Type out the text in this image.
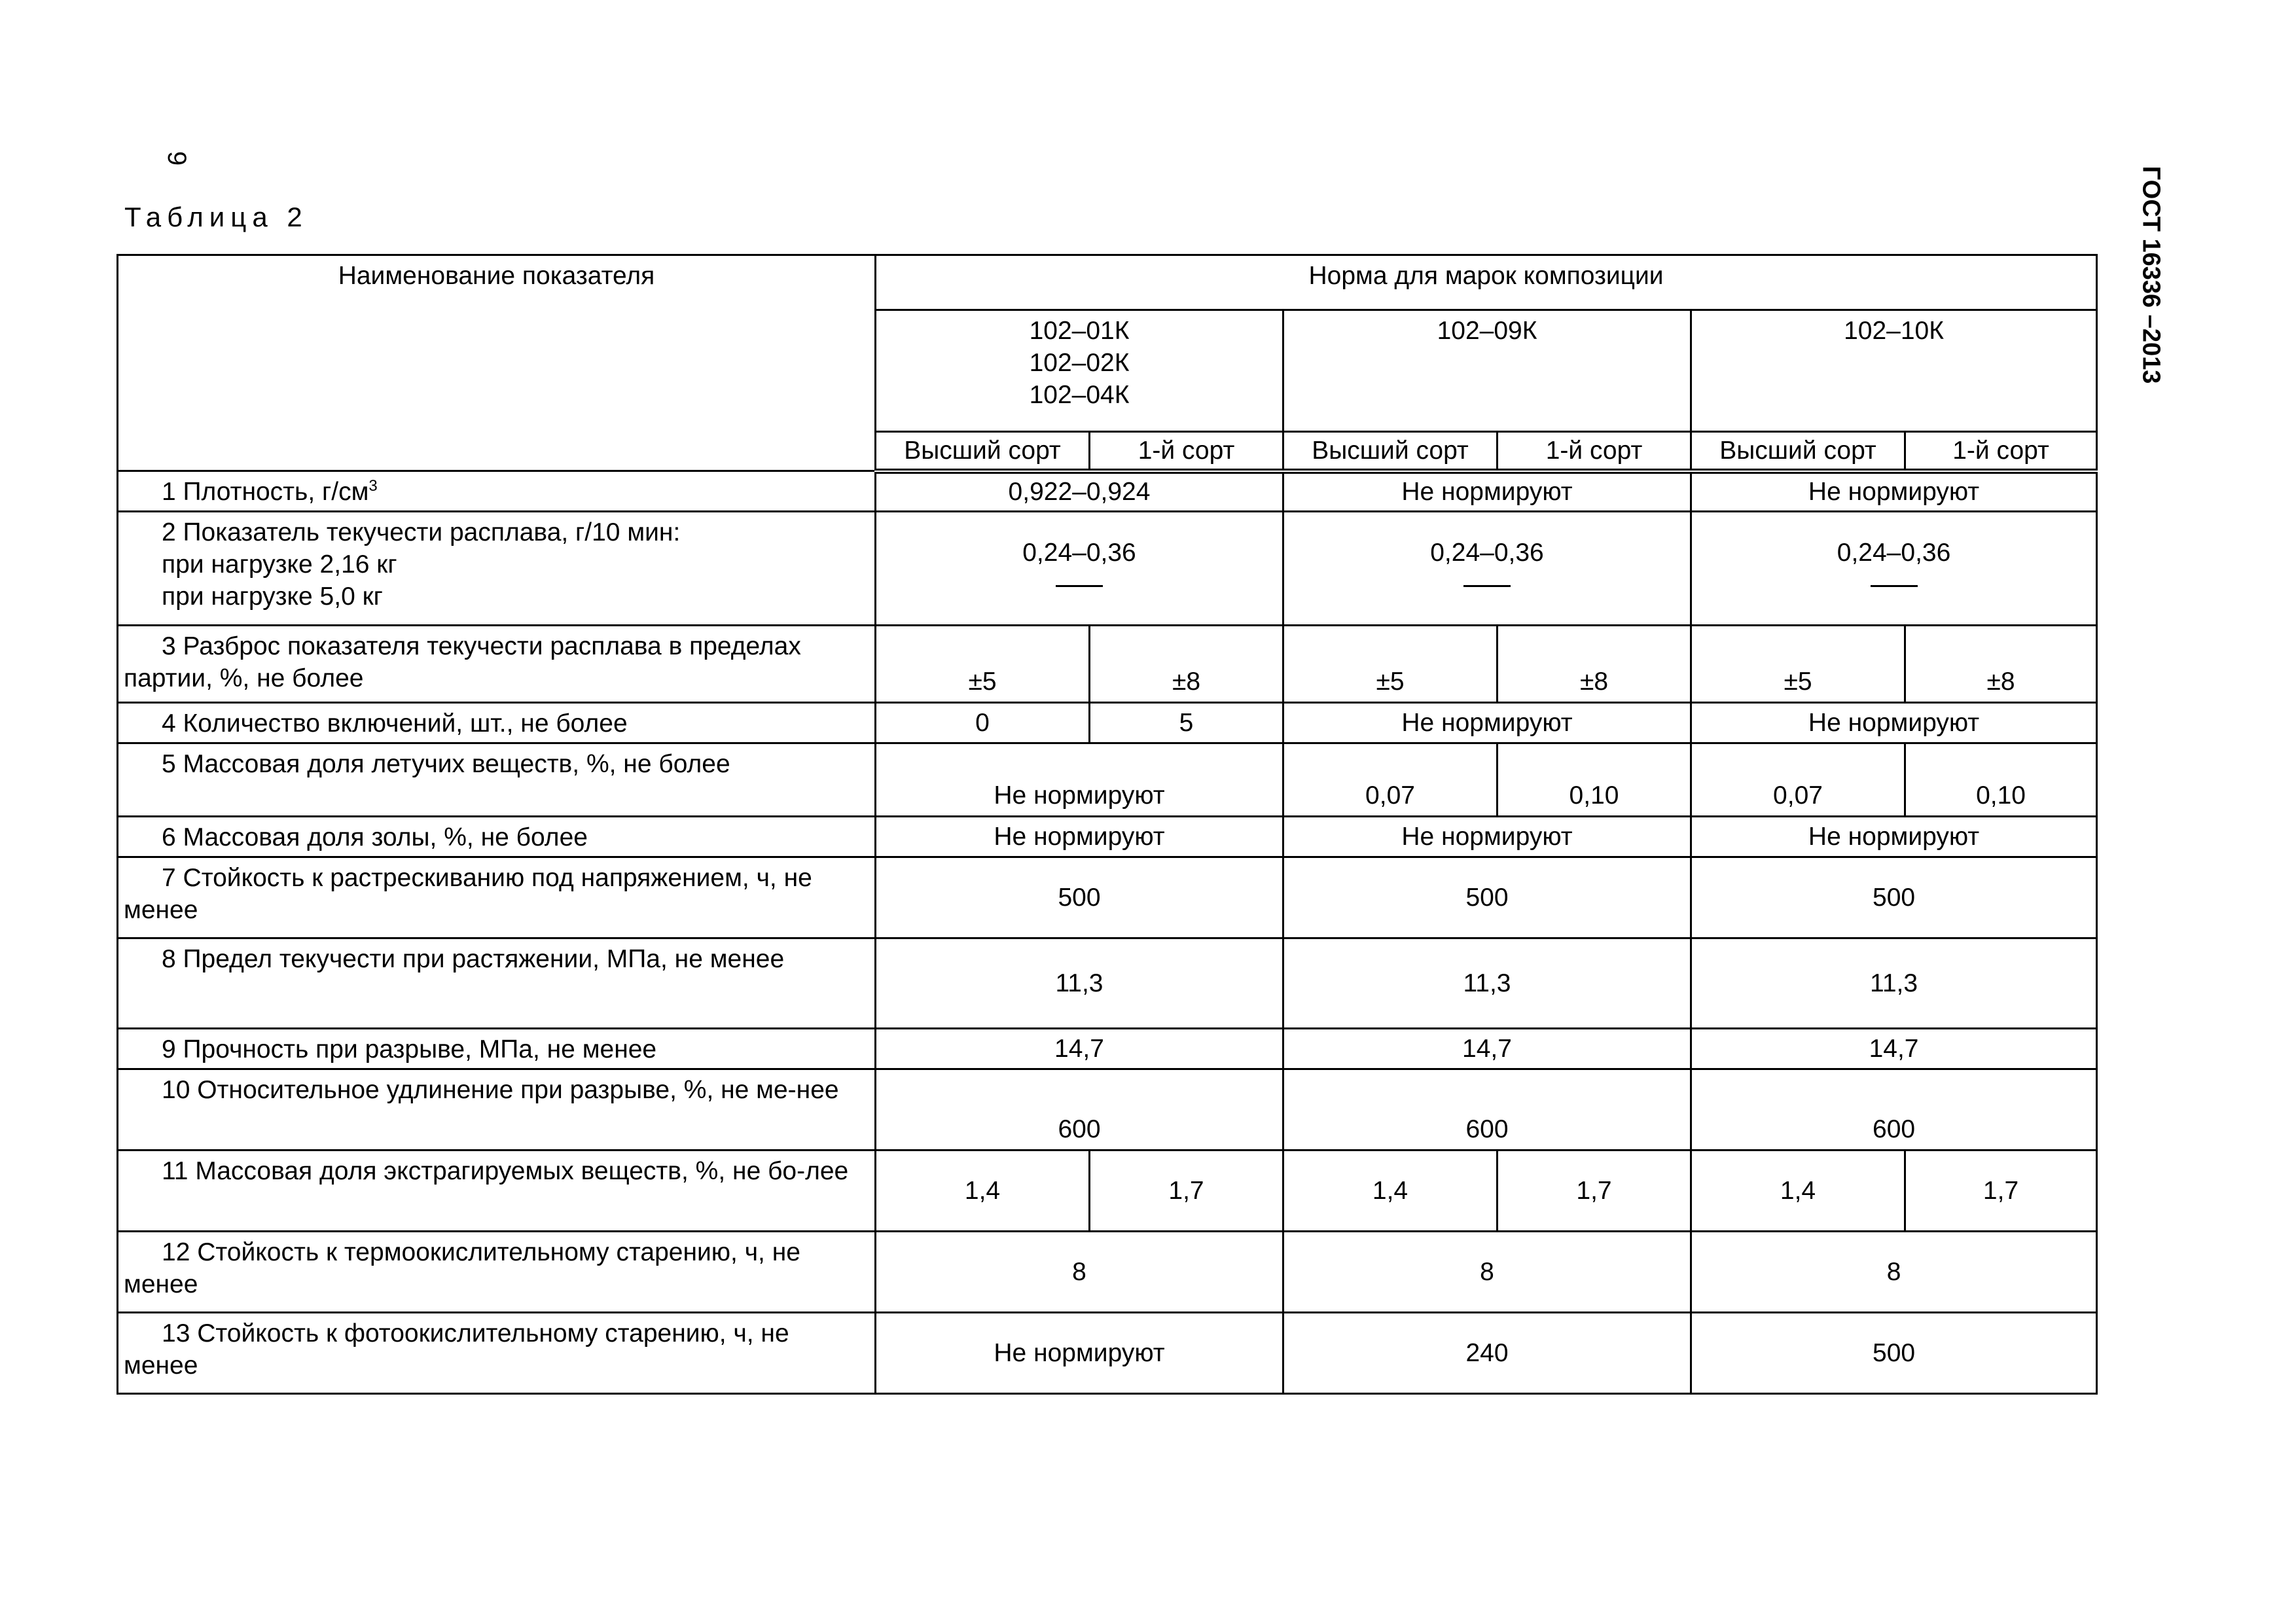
9
ГОСТ 16336 –2013
Таблица 2
Наименование показателя	Норма для марок композиции					

	102–01К
102–02К
102–04К		102–09К		102–10К	

	Высший сорт	1-й сорт	Высший сорт	1-й сорт	Высший сорт	1-й сорт

1 Плотность, $г/см^3$	0,922–0,924		Не нормируют		Не нормируют	

2 Показатель текучести расплава, г/10 мин:
при нагрузке 2,16 кг
при нагрузке 5,0 кг	0,24–0,36		0,24–0,36		0,24–0,36	

3 Разброс показателя текучести расплава в пределах партии, %, не более	±5	±8	±5	±8	±5	±8

4 Количество включений, шт., не более	0	5	Не нормируют		Не нормируют	

5 Массовая доля летучих веществ, %, не более	Не нормируют		0,07	0,10	0,07	0,10

6 Массовая доля золы, %, не более	Не нормируют		Не нормируют		Не нормируют	

7 Стойкость к растрескиванию под напряжением, ч, не менее	500		500		500	

8 Предел текучести при растяжении, МПа, не менее	11,3		11,3		11,3	

9 Прочность при разрыве, МПа, не менее	14,7		14,7		14,7	

10 Относительное удлинение при разрыве, %, не ме-нее	600		600		600	

11 Массовая доля экстрагируемых веществ, %, не бо-лее	1,4	1,7	1,4	1,7	1,4	1,7

12 Стойкость к термоокислительному старению, ч, не менее	8		8		8	

13 Стойкость к фотоокислительному старению, ч, не менее	Не нормируют		240		500	
